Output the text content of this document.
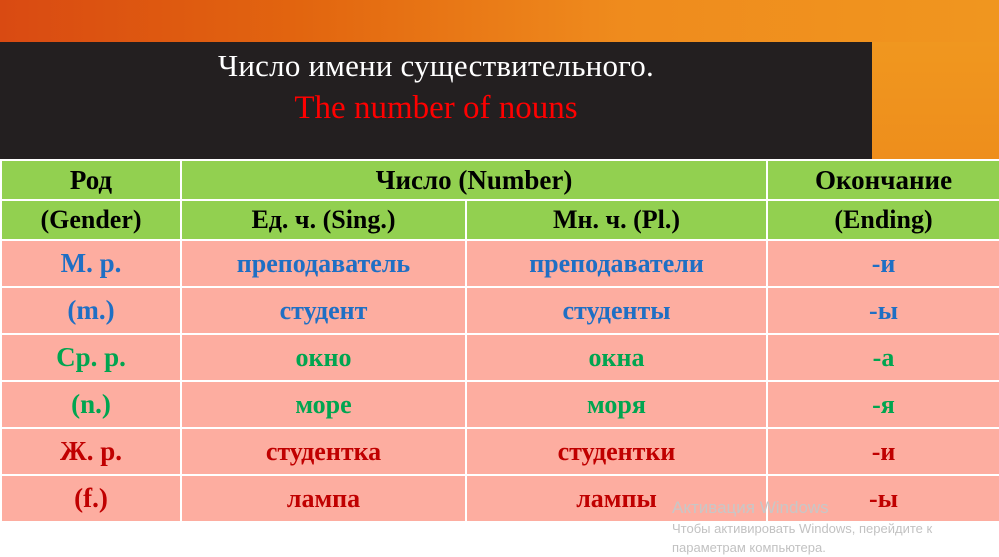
Число имени существительного.
The number of nouns
Род	Число (Number)		Окончание
(Gender)	Ед. ч. (Sing.)	Мн. ч. (Pl.)	(Ending)
М. р.	преподаватель	преподаватели	-и
(m.)	студент	студенты	-ы
Ср. р.	окно	окна	-а
(n.)	море	моря	-я
Ж. р.	студентка	студентки	-и
(f.)	лампа	лампы	-ы
Активация Windows
Чтобы активировать Windows, перейдите к
параметрам компьютера.
